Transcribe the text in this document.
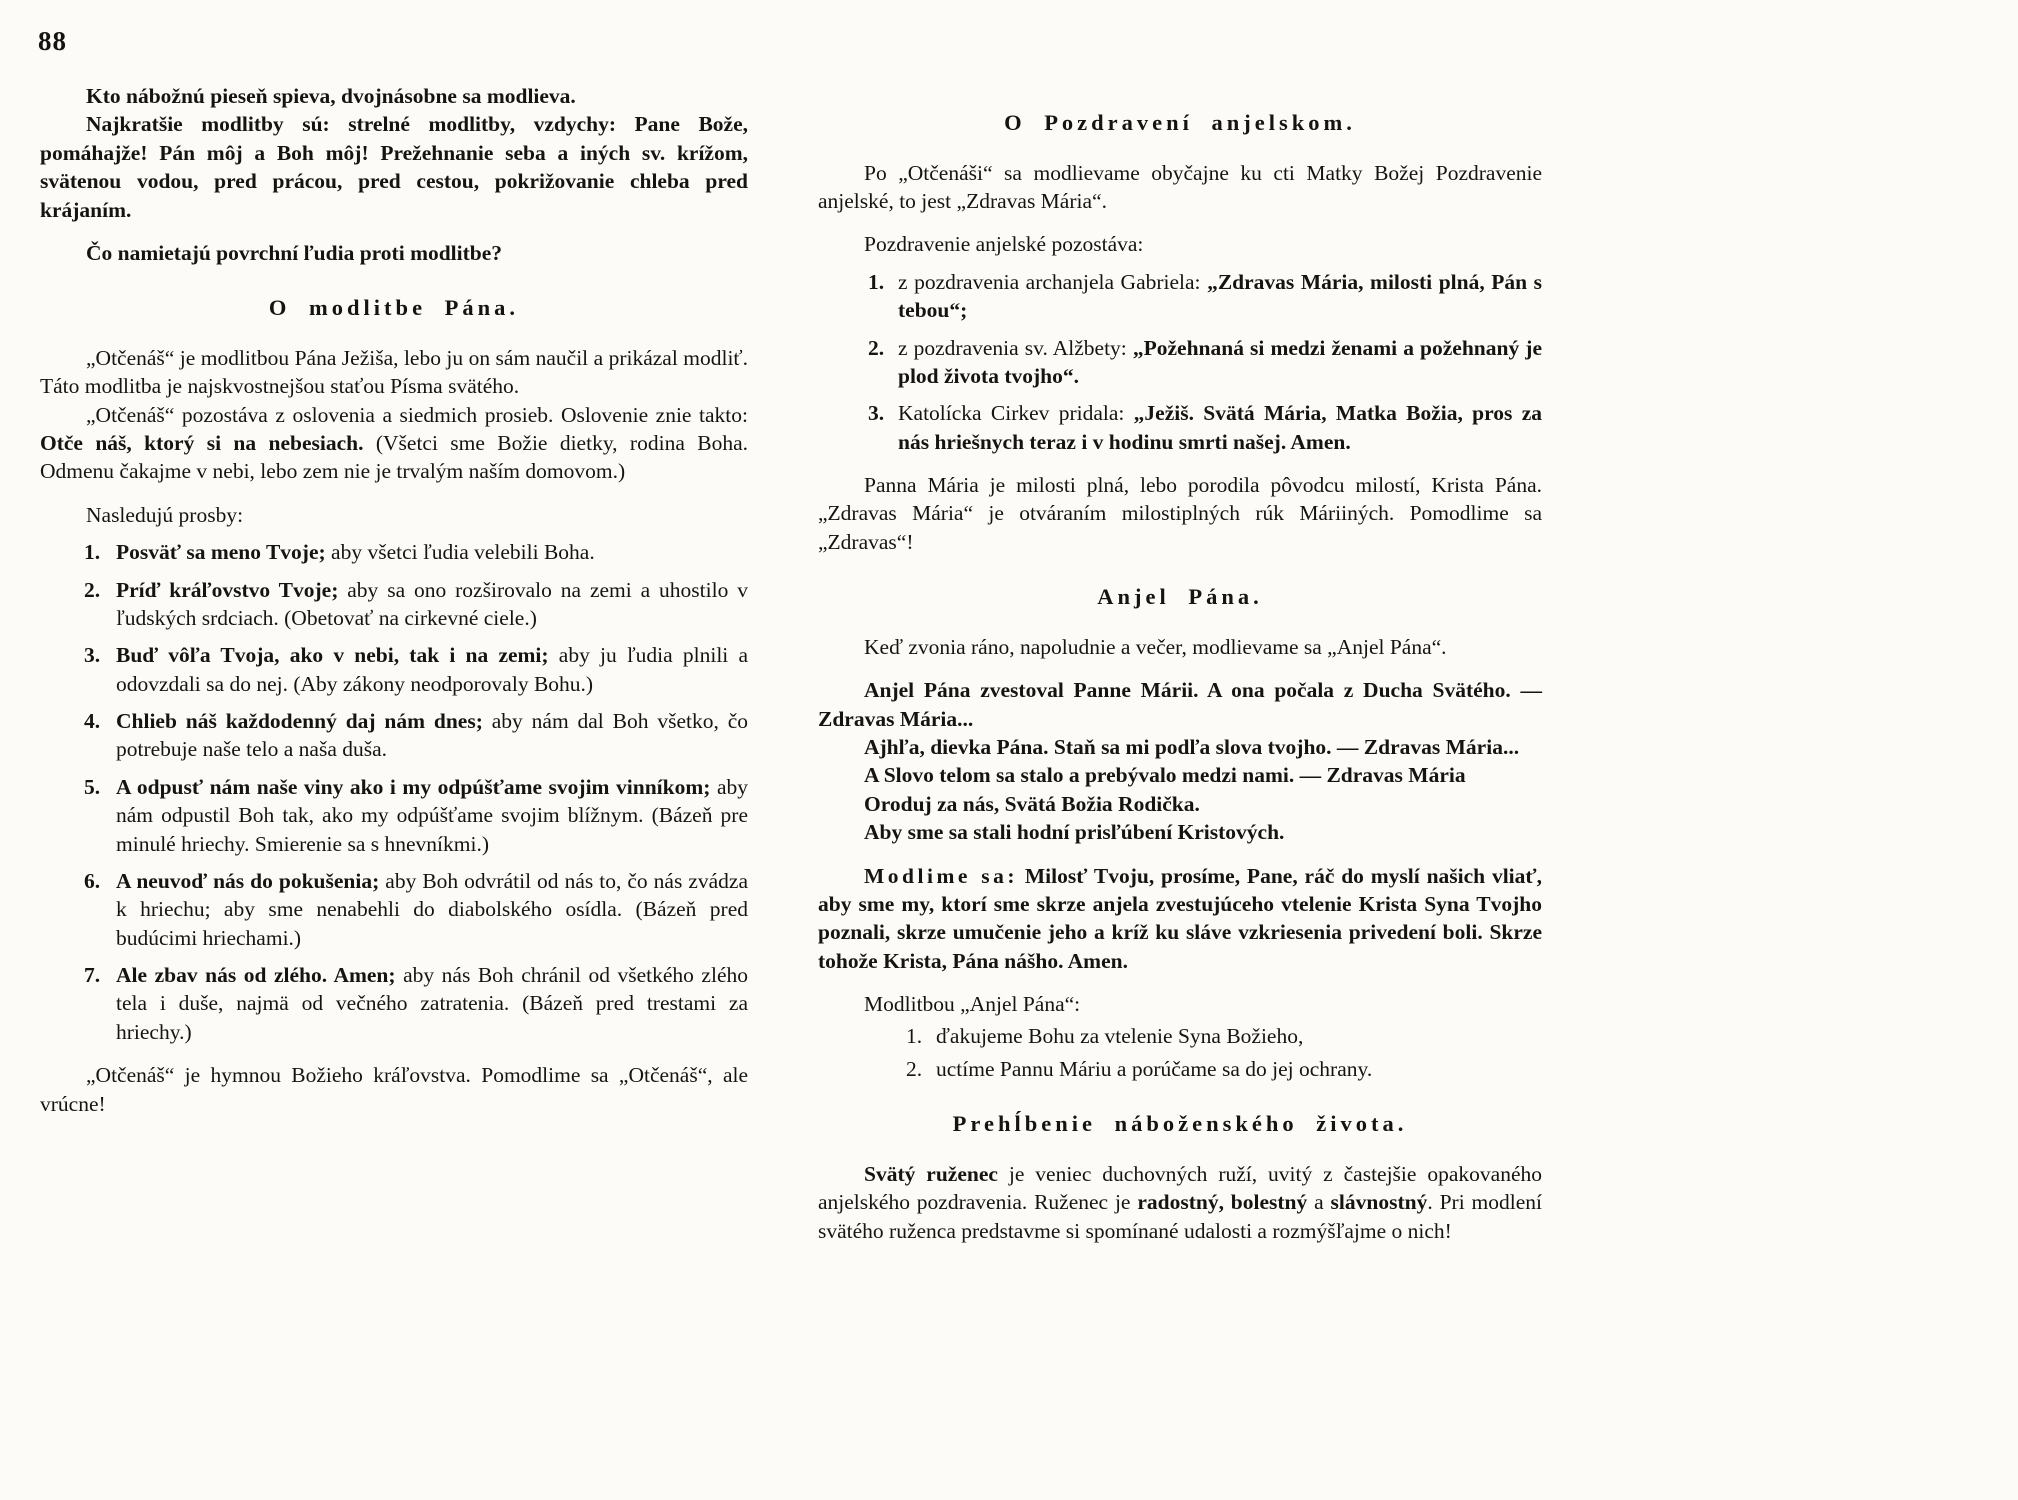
88

Kto nábožnú pieseň spieva, dvojnásobne sa modlieva.

Najkratšie modlitby sú: strelné modlitby, vzdychy: Pane Bože, pomáhajže! Pán môj a Boh môj! Prežehnanie seba a iných sv. krížom, svätenou vodou, pred prácou, pred cestou, pokrižovanie chleba pred krájaním.

Čo namietajú povrchní ľudia proti modlitbe?

O modlitbe Pána.

„Otčenáš“ je modlitbou Pána Ježiša, lebo ju on sám naučil a prikázal modliť. Táto modlitba je najskvostnejšou staťou Písma svätého.

„Otčenáš“ pozostáva z oslovenia a siedmich prosieb. Oslovenie znie takto: Otče náš, ktorý si na nebesiach. (Všetci sme Božie dietky, rodina Boha. Odmenu čakajme v nebi, lebo zem nie je trvalým naším domovom.)

Nasledujú prosby:

1. Posväť sa meno Tvoje; aby všetci ľudia velebili Boha.
2. Príď kráľovstvo Tvoje; aby sa ono rozširovalo na zemi a uhostilo v ľudských srdciach. (Obetovať na cirkevné ciele.)
3. Buď vôľa Tvoja, ako v nebi, tak i na zemi; aby ju ľudia plnili a odovzdali sa do nej. (Aby zákony neodporovaly Bohu.)
4. Chlieb náš každodenný daj nám dnes; aby nám dal Boh všetko, čo potrebuje naše telo a naša duša.
5. A odpusť nám naše viny ako i my odpúšťame svojim vinníkom; aby nám odpustil Boh tak, ako my odpúšťame svojim blížnym. (Bázeň pre minulé hriechy. Smierenie sa s hnevníkmi.)
6. A neuvoď nás do pokušenia; aby Boh odvrátil od nás to, čo nás zvádza k hriechu; aby sme nenabehli do diabolského osídla. (Bázeň pred budúcimi hriechami.)
7. Ale zbav nás od zlého. Amen; aby nás Boh chránil od všetkého zlého tela i duše, najmä od večného zatratenia. (Bázeň pred trestami za hriechy.)

„Otčenáš“ je hymnou Božieho kráľovstva. Pomodlime sa „Otčenáš“, ale vrúcne!

O Pozdravení anjelskom.

Po „Otčenáši“ sa modlievame obyčajne ku cti Matky Božej Pozdravenie anjelské, to jest „Zdravas Mária“.

Pozdravenie anjelské pozostáva:

1. z pozdravenia archanjela Gabriela: „Zdravas Mária, milosti plná, Pán s tebou“;
2. z pozdravenia sv. Alžbety: „Požehnaná si medzi ženami a požehnaný je plod života tvojho“.
3. Katolícka Cirkev pridala: „Ježiš. Svätá Mária, Matka Božia, pros za nás hriešnych teraz i v hodinu smrti našej. Amen.

Panna Mária je milosti plná, lebo porodila pôvodcu milostí, Krista Pána. „Zdravas Mária“ je otváraním milostiplných rúk Máriiných. Pomodlime sa „Zdravas“!

Anjel Pána.

Keď zvonia ráno, napoludnie a večer, modlievame sa „Anjel Pána“.

Anjel Pána zvestoval Panne Márii. A ona počala z Ducha Svätého. — Zdravas Mária...

Ajhľa, dievka Pána. Staň sa mi podľa slova tvojho. — Zdravas Mária...

A Slovo telom sa stalo a prebývalo medzi nami. — Zdravas Mária

Oroduj za nás, Svätá Božia Rodička.

Aby sme sa stali hodní prisľúbení Kristových.

Modlime sa: Milosť Tvoju, prosíme, Pane, ráč do myslí našich vliať, aby sme my, ktorí sme skrze anjela zvestujúceho vtelenie Krista Syna Tvojho poznali, skrze umučenie jeho a kríž ku sláve vzkriesenia privedení boli. Skrze tohože Krista, Pána nášho. Amen.

Modlitbou „Anjel Pána“:

1. ďakujeme Bohu za vtelenie Syna Božieho,
2. uctíme Pannu Máriu a porúčame sa do jej ochrany.
Prehĺbenie náboženského života.

Svätý ruženec je veniec duchovných ruží, uvitý z častejšie opakovaného anjelského pozdravenia. Ruženec je radostný, bolestný a slávnostný. Pri modlení svätého ruženca predstavme si spomínané udalosti a rozmýšľajme o nich!
